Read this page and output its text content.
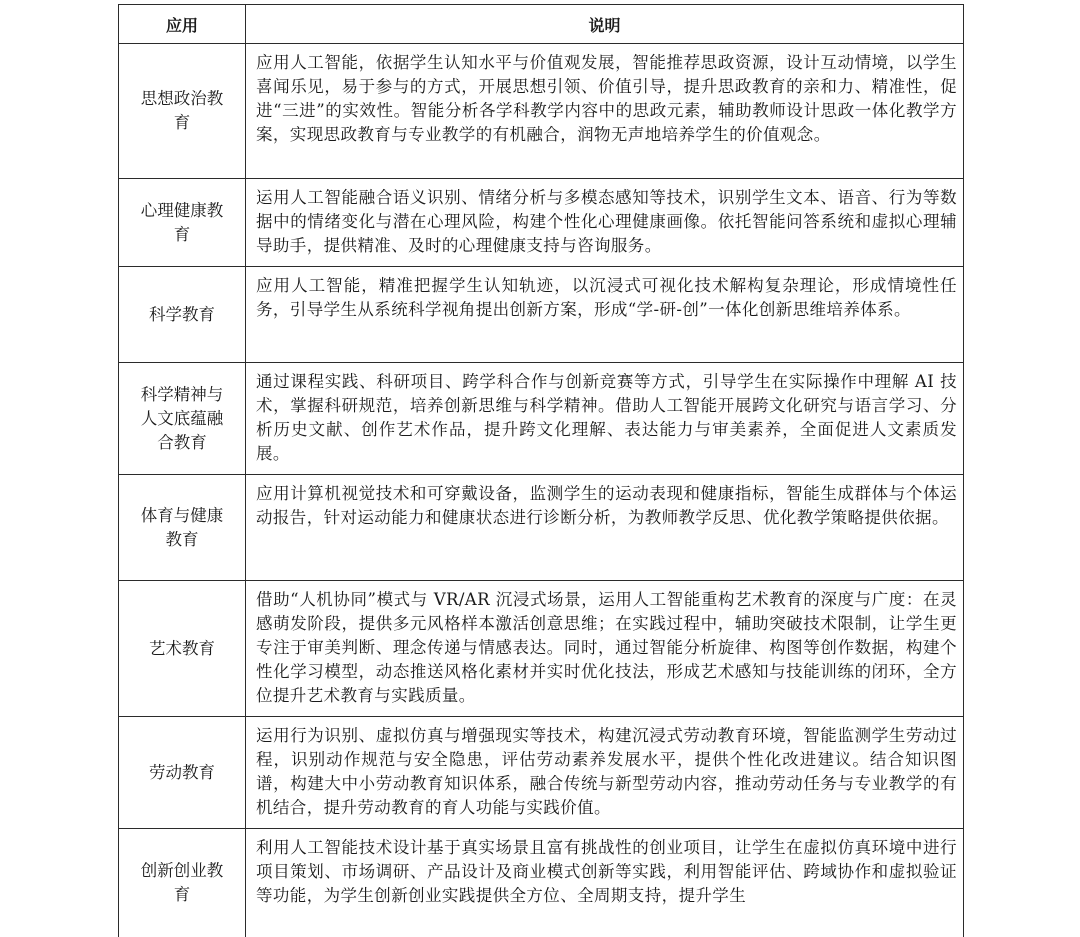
应用	说明
思想政治教育	应用人工智能，依据学生认知水平与价值观发展，智能推荐思政资源，设计互动情境，以学生喜闻乐见，易于参与的方式，开展思想引领、价值引导，提升思政教育的亲和力、精准性，促进“三进”的实效性。智能分析各学科教学内容中的思政元素，辅助教师设计思政一体化教学方案，实现思政教育与专业教学的有机融合，润物无声地培养学生的价值观念。
心理健康教育	运用人工智能融合语义识别、情绪分析与多模态感知等技术，识别学生文本、语音、行为等数据中的情绪变化与潜在心理风险，构建个性化心理健康画像。依托智能问答系统和虚拟心理辅导助手，提供精准、及时的心理健康支持与咨询服务。
科学教育	应用人工智能，精准把握学生认知轨迹，以沉浸式可视化技术解构复杂理论，形成情境性任务，引导学生从系统科学视角提出创新方案，形成“学-研-创”一体化创新思维培养体系。
科学精神与人文底蕴融合教育	通过课程实践、科研项目、跨学科合作与创新竞赛等方式，引导学生在实际操作中理解 AI 技术，掌握科研规范，培养创新思维与科学精神。借助人工智能开展跨文化研究与语言学习、分析历史文献、创作艺术作品，提升跨文化理解、表达能力与审美素养，全面促进人文素质发展。
体育与健康教育	应用计算机视觉技术和可穿戴设备，监测学生的运动表现和健康指标，智能生成群体与个体运动报告，针对运动能力和健康状态进行诊断分析，为教师教学反思、优化教学策略提供依据。
艺术教育	借助“人机协同”模式与 VR/AR 沉浸式场景，运用人工智能重构艺术教育的深度与广度：在灵感萌发阶段，提供多元风格样本激活创意思维；在实践过程中，辅助突破技术限制，让学生更专注于审美判断、理念传递与情感表达。同时，通过智能分析旋律、构图等创作数据，构建个性化学习模型，动态推送风格化素材并实时优化技法，形成艺术感知与技能训练的闭环，全方位提升艺术教育与实践质量。
劳动教育	运用行为识别、虚拟仿真与增强现实等技术，构建沉浸式劳动教育环境，智能监测学生劳动过程，识别动作规范与安全隐患，评估劳动素养发展水平，提供个性化改进建议。结合知识图谱，构建大中小劳动教育知识体系，融合传统与新型劳动内容，推动劳动任务与专业教学的有机结合，提升劳动教育的育人功能与实践价值。
创新创业教育	利用人工智能技术设计基于真实场景且富有挑战性的创业项目，让学生在虚拟仿真环境中进行项目策划、市场调研、产品设计及商业模式创新等实践，利用智能评估、跨域协作和虚拟验证等功能，为学生创新创业实践提供全方位、全周期支持，提升学生
